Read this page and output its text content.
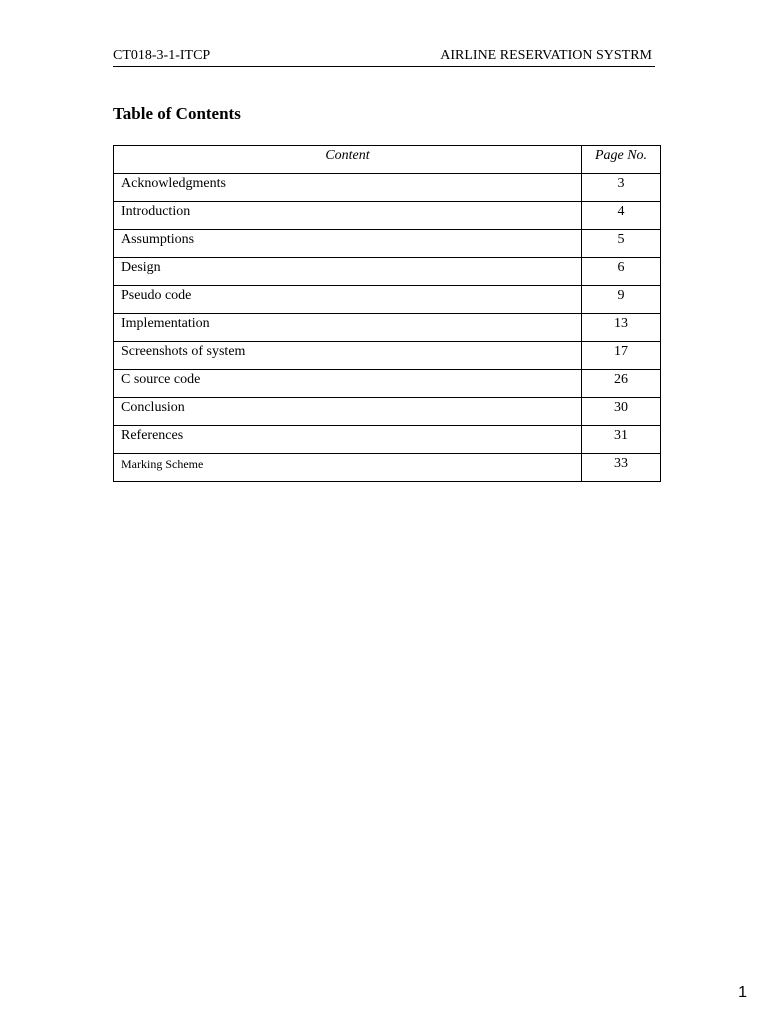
CT018-3-1-ITCP	AIRLINE RESERVATION SYSTRM
Table of Contents
Content	Page No.
Acknowledgments	3
Introduction	4
Assumptions	5
Design	6
Pseudo code	9
Implementation	13
Screenshots of system	17
C source code	26
Conclusion	30
References	31
Marking Scheme	33
1
